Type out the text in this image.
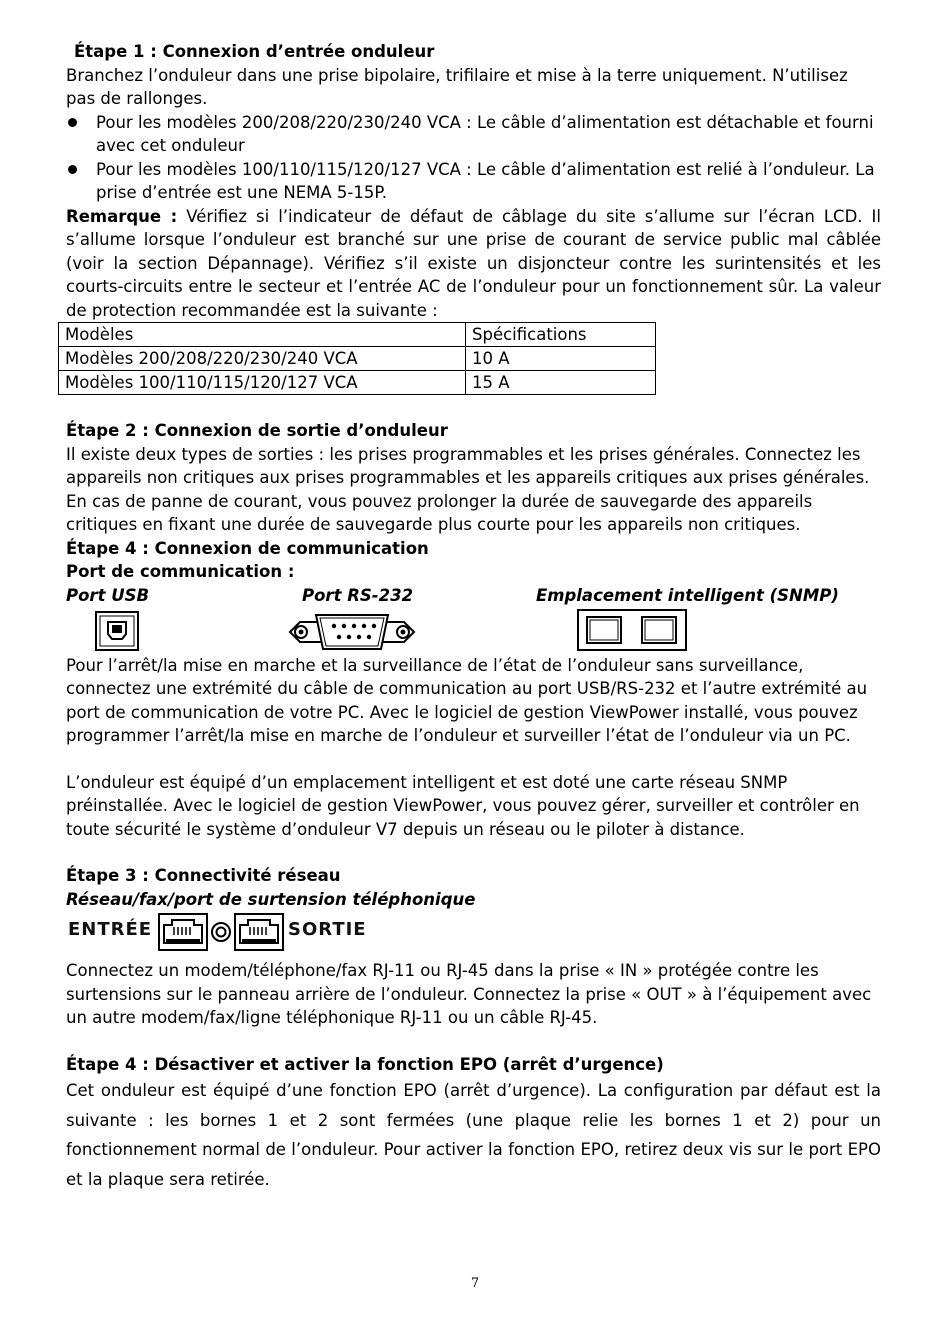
Étape 1 : Connexion d’entrée onduleur

Branchez l’onduleur dans une prise bipolaire, trifilaire et mise à la terre uniquement. N’utilisez pas de rallonges.

Pour les modèles 200/208/220/230/240 VCA : Le câble d’alimentation est détachable et fourni avec cet onduleur
Pour les modèles 100/110/115/120/127 VCA : Le câble d’alimentation est relié à l’onduleur. La prise d’entrée est une NEMA 5-15P.

Remarque : Vérifiez si l’indicateur de défaut de câblage du site s’allume sur l’écran LCD. Il s’allume lorsque l’onduleur est branché sur une prise de courant de service public mal câblée (voir la section Dépannage). Vérifiez s’il existe un disjoncteur contre les surintensités et les courts-circuits entre le secteur et l’entrée AC de l’onduleur pour un fonctionnement sûr. La valeur de protection recommandée est la suivante :

Modèles	Spécifications
Modèles 200/208/220/230/240 VCA	10 A
Modèles 100/110/115/120/127 VCA	15 A

Étape 2 : Connexion de sortie d’onduleur

Il existe deux types de sorties : les prises programmables et les prises générales. Connectez les appareils non critiques aux prises programmables et les appareils critiques aux prises générales. En cas de panne de courant, vous pouvez prolonger la durée de sauvegarde des appareils critiques en fixant une durée de sauvegarde plus courte pour les appareils non critiques.

Étape 4 : Connexion de communication

Port de communication :

Port USB	Port RS-232	Emplacement intelligent (SNMP)

Pour l’arrêt/la mise en marche et la surveillance de l’état de l’onduleur sans surveillance, connectez une extrémité du câble de communication au port USB/RS-232 et l’autre extrémité au port de communication de votre PC. Avec le logiciel de gestion ViewPower installé, vous pouvez programmer l’arrêt/la mise en marche de l’onduleur et surveiller l’état de l’onduleur via un PC.

L’onduleur est équipé d’un emplacement intelligent et est doté une carte réseau SNMP préinstallée. Avec le logiciel de gestion ViewPower, vous pouvez gérer, surveiller et contrôler en toute sécurité le système d’onduleur V7 depuis un réseau ou le piloter à distance.

Étape 3 : Connectivité réseau

Réseau/fax/port de surtension téléphonique

ENTRÉE	SORTIE

Connectez un modem/téléphone/fax RJ-11 ou RJ-45 dans la prise « IN » protégée contre les surtensions sur le panneau arrière de l’onduleur. Connectez la prise « OUT » à l’équipement avec un autre modem/fax/ligne téléphonique RJ-11 ou un câble RJ-45.

Étape 4 : Désactiver et activer la fonction EPO (arrêt d’urgence)

Cet onduleur est équipé d’une fonction EPO (arrêt d’urgence). La configuration par défaut est la suivante : les bornes 1 et 2 sont fermées (une plaque relie les bornes 1 et 2) pour un fonctionnement normal de l’onduleur. Pour activer la fonction EPO, retirez deux vis sur le port EPO et la plaque sera retirée.

7
